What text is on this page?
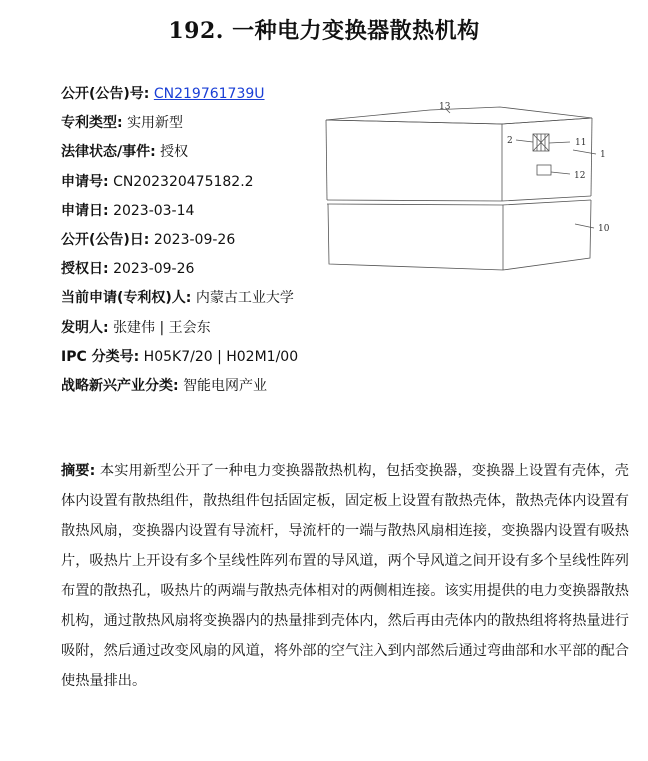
192. 一种电力变换器散热机构
公开(公告)号: CN219761739U
专利类型: 实用新型
法律状态/事件: 授权
申请号: CN202320475182.2
申请日: 2023-03-14
公开(公告)日: 2023-09-26
授权日: 2023-09-26
当前申请(专利权)人: 内蒙古工业大学
发明人: 张建伟 | 王会东
IPC 分类号: H05K7/20 | H02M1/00
战略新兴产业分类: 智能电网产业
13
2	11
1
12
10
摘要: 本实用新型公开了一种电力变换器散热机构，包括变换器，变换器上设置有壳体，壳体内设置有散热组件，散热组件包括固定板，固定板上设置有散热壳体，散热壳体内设置有散热风扇，变换器内设置有导流杆，导流杆的一端与散热风扇相连接，变换器内设置有吸热片，吸热片上开设有多个呈线性阵列布置的导风道，两个导风道之间开设有多个呈线性阵列布置的散热孔，吸热片的两端与散热壳体相对的两侧相连接。该实用提供的电力变换器散热机构，通过散热风扇将变换器内的热量排到壳体内，然后再由壳体内的散热组将将热量进行吸附，然后通过改变风扇的风道，将外部的空气注入到内部然后通过弯曲部和水平部的配合使热量排出。
